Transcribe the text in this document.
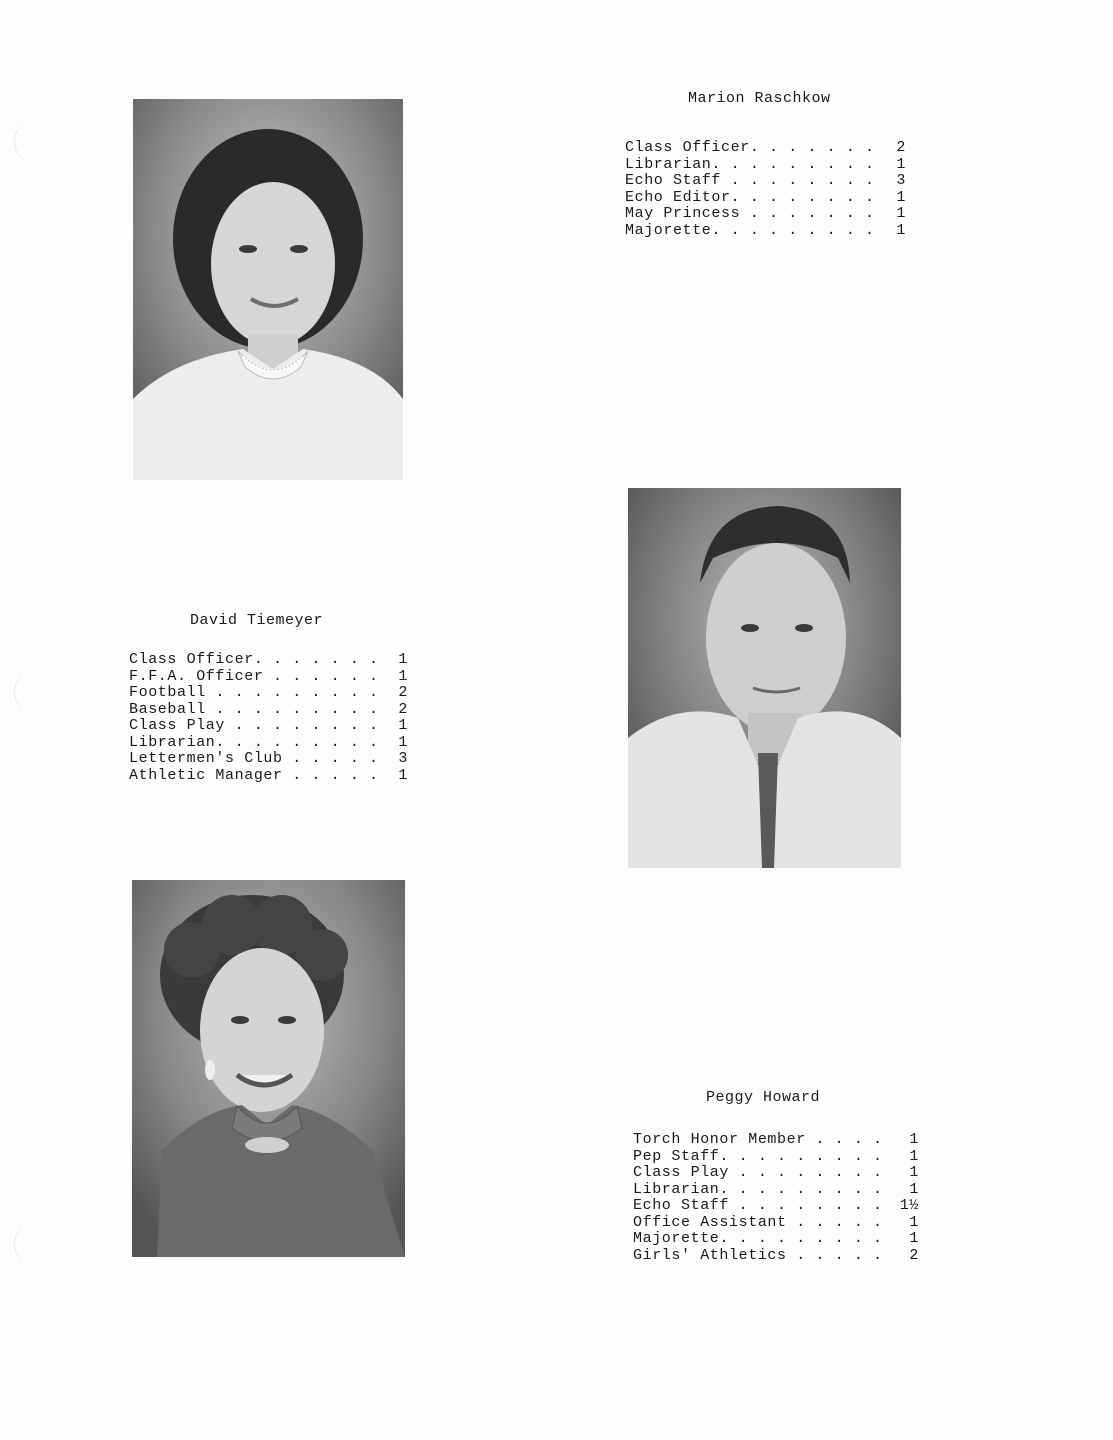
Marion Raschkow
Class Officer. . . . . . . 2
Librarian. . . . . . . . . 1
Echo Staff . . . . . . . . 3
Echo Editor. . . . . . . . 1
May Princess . . . . . . . 1
Majorette. . . . . . . . . 1
David Tiemeyer
Class Officer. . . . . . . 1
F.F.A. Officer . . . . . . 1
Football . . . . . . . . . 2
Baseball . . . . . . . . . 2
Class Play . . . . . . . . 1
Librarian. . . . . . . . . 1
Lettermen's Club . . . . . 3
Athletic Manager . . . . . 1
Peggy Howard
Torch Honor Member . . . . 1
Pep Staff. . . . . . . . . 1
Class Play . . . . . . . . 1
Librarian. . . . . . . . . 1
Echo Staff . . . . . . . . 1½
Office Assistant . . . . . 1
Majorette. . . . . . . . . 1
Girls' Athletics . . . . . 2
